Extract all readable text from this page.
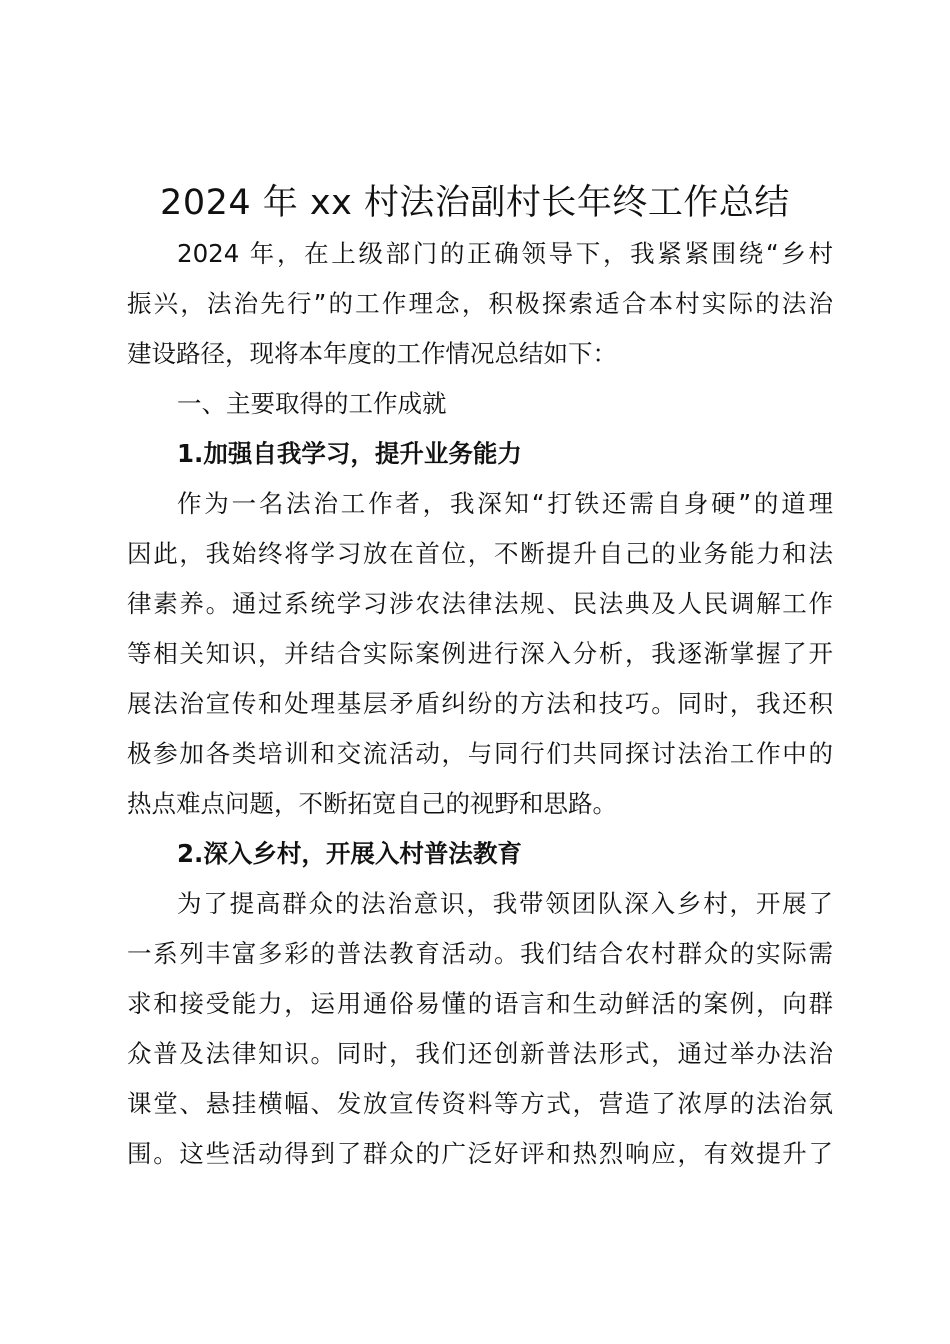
2024 年 xx 村法治副村长年终工作总结
2024 年，在上级部门的正确领导下，我紧紧围绕“乡村
振兴，法治先行”的工作理念，积极探索适合本村实际的法治
建设路径，现将本年度的工作情况总结如下：
一、主要取得的工作成就
1.加强自我学习，提升业务能力
作为一名法治工作者，我深知“打铁还需自身硬”的道理
因此，我始终将学习放在首位，不断提升自己的业务能力和法
律素养。通过系统学习涉农法律法规、民法典及人民调解工作
等相关知识，并结合实际案例进行深入分析，我逐渐掌握了开
展法治宣传和处理基层矛盾纠纷的方法和技巧。同时，我还积
极参加各类培训和交流活动，与同行们共同探讨法治工作中的
热点难点问题，不断拓宽自己的视野和思路。
2.深入乡村，开展入村普法教育
为了提高群众的法治意识，我带领团队深入乡村，开展了
一系列丰富多彩的普法教育活动。我们结合农村群众的实际需
求和接受能力，运用通俗易懂的语言和生动鲜活的案例，向群
众普及法律知识。同时，我们还创新普法形式，通过举办法治
课堂、悬挂横幅、发放宣传资料等方式，营造了浓厚的法治氛
围。这些活动得到了群众的广泛好评和热烈响应，有效提升了
